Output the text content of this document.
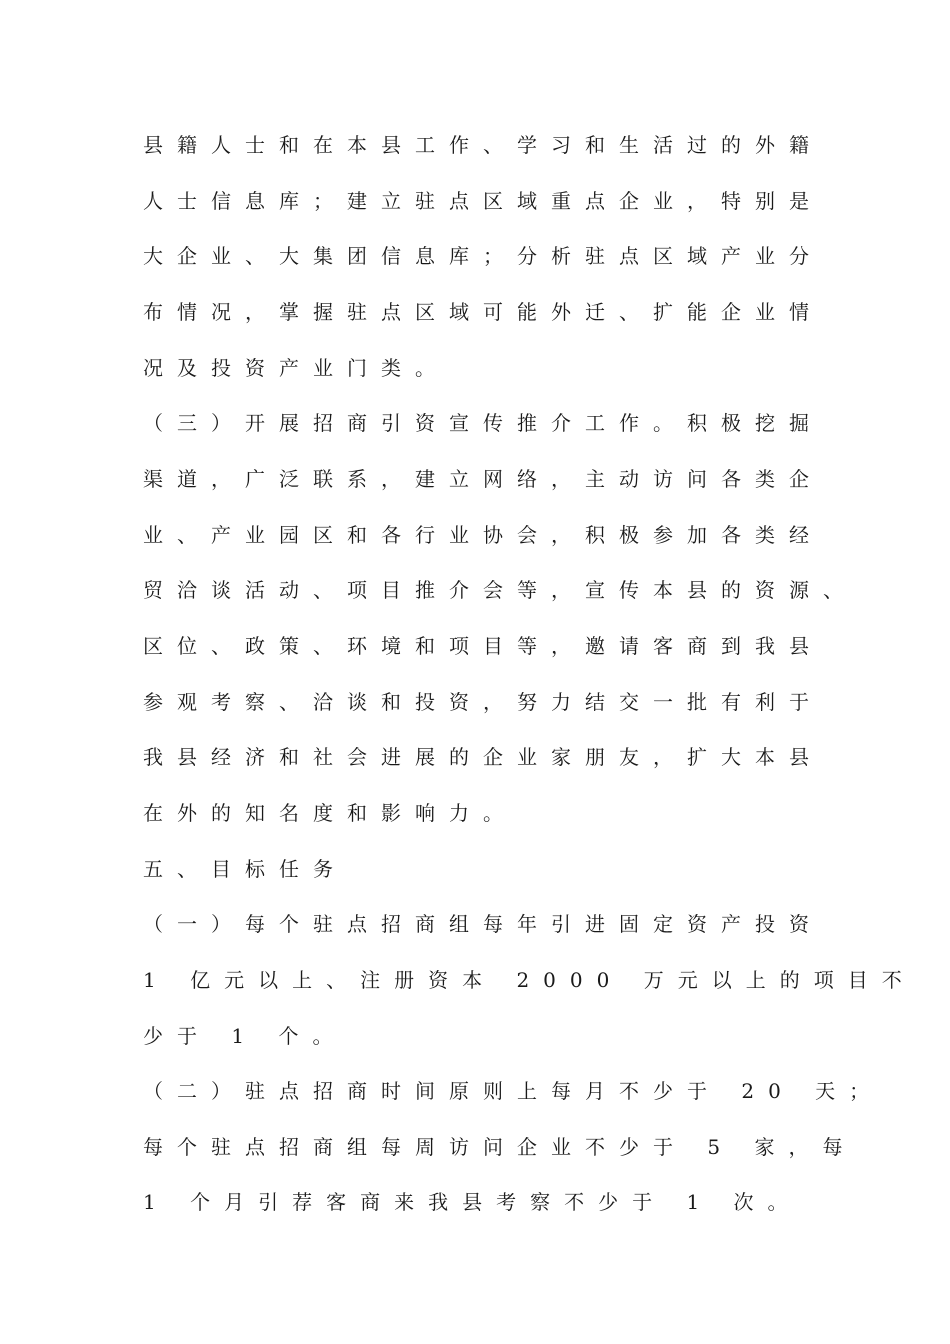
县籍人士和在本县工作、学习和生活过的外籍

人士信息库；建立驻点区域重点企业，特别是

大企业、大集团信息库；分析驻点区域产业分

布情况，掌握驻点区域可能外迁、扩能企业情

况及投资产业门类。

（三）开展招商引资宣传推介工作。积极挖掘

渠道，广泛联系，建立网络，主动访问各类企

业、产业园区和各行业协会，积极参加各类经

贸洽谈活动、项目推介会等，宣传本县的资源、

区位、政策、环境和项目等，邀请客商到我县

参观考察、洽谈和投资，努力结交一批有利于

我县经济和社会进展的企业家朋友，扩大本县

在外的知名度和影响力。

五、目标任务

（一）每个驻点招商组每年引进固定资产投资

1 亿元以上、注册资本 2000 万元以上的项目不

少于 1 个。

（二）驻点招商时间原则上每月不少于 20 天；

每个驻点招商组每周访问企业不少于 5 家，每

1 个月引荐客商来我县考察不少于 1 次。
